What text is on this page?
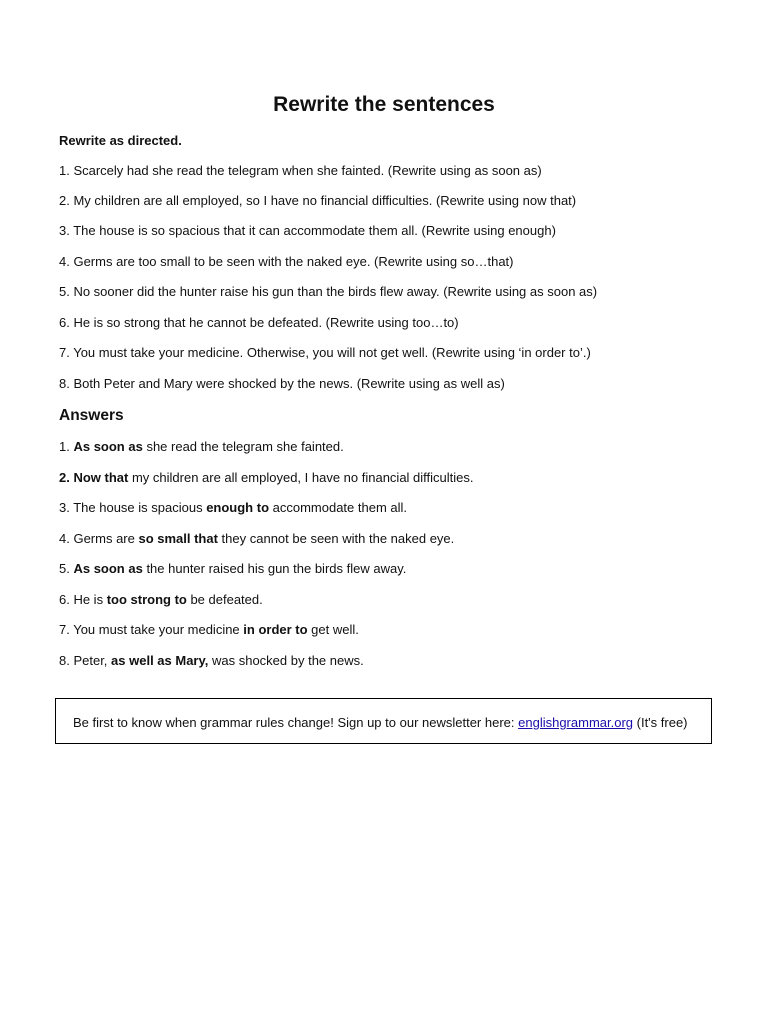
Rewrite the sentences
Rewrite as directed.
1. Scarcely had she read the telegram when she fainted. (Rewrite using as soon as)
2. My children are all employed, so I have no financial difficulties. (Rewrite using now that)
3. The house is so spacious that it can accommodate them all. (Rewrite using enough)
4. Germs are too small to be seen with the naked eye. (Rewrite using so…that)
5. No sooner did the hunter raise his gun than the birds flew away. (Rewrite using as soon as)
6. He is so strong that he cannot be defeated. (Rewrite using too…to)
7. You must take your medicine. Otherwise, you will not get well. (Rewrite using ‘in order to’.)
8. Both Peter and Mary were shocked by the news. (Rewrite using as well as)
Answers
1. As soon as she read the telegram she fainted.
2. Now that my children are all employed, I have no financial difficulties.
3. The house is spacious enough to accommodate them all.
4. Germs are so small that they cannot be seen with the naked eye.
5. As soon as the hunter raised his gun the birds flew away.
6. He is too strong to be defeated.
7. You must take your medicine in order to get well.
8. Peter, as well as Mary, was shocked by the news.
Be first to know when grammar rules change! Sign up to our newsletter here: englishgrammar.org (It's free)
